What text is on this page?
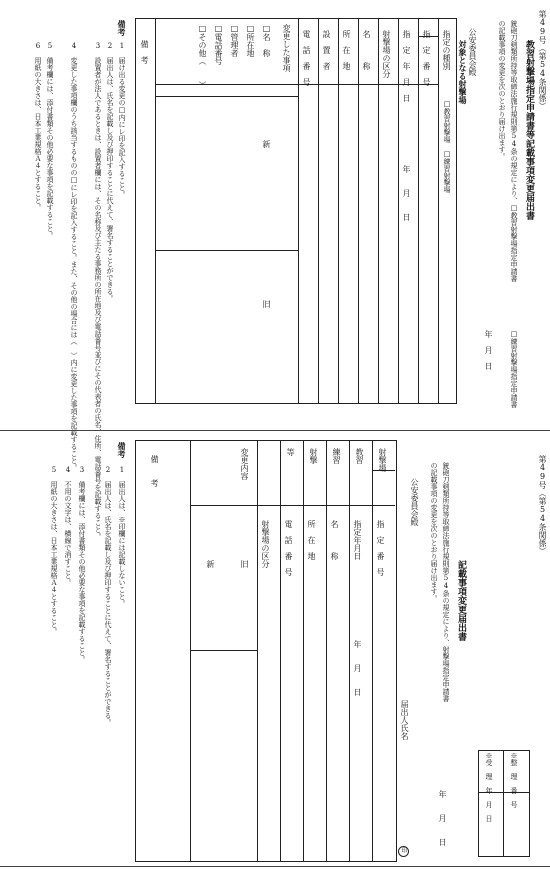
第49号（第54条関係）
教習射撃場指定申請書等記載事項変更届出書
銃砲刀剣類所持等取締法施行規則第54条の規定により、□教習射撃場指定申請書
の記載事項の変更を次のとおり届け出ます。
□練習射撃場指定申請書
年　月　日
公安委員会殿
指定の種別
□教習射撃場　□練習射撃場
指　定　番　号
指　定　年　月　日
年　　月　　日
射撃場の区分
名　　　称
所　在　地
設　置　者
電　話　番　号	対象となる射撃場
変更した事項
□名　称
□所在地
□管理者
□電話番号
□その他（　　）
新
旧
備　考
備考
1　届け出る変更の□内にレ印を記入すること。
2　届出人は、氏名を記載し及び押印することに代えて、署名することができる。
3　設置者が法人であるときは、設置者欄には、その名称及び主たる事務所の所在地及び電話番号並びにその代表者の氏名、住所、電話番号を記載すること。
4　変更した事項欄のうち該当するものの□にレ印を記入すること。また、その他の場合には（　）内に変更した事項を記載すること。
5　備考欄には、添付書類その他必要な事項を記載すること。
6　用紙の大きさは、日本工業規格Ａ４とすること。
第49号（第54条関係）
※整　理　番　号
※受　理　年　月　日
記載事項変更届出書
銃砲刀剣類所持等取締法施行規則第54条の規定により、射撃場指定申請書
の記載事項の変更を次のとおり届け出ます。
年　　月　　日
届出人氏名
印
公安委員会殿
指　定　番　号
指定年月日
年　　月　　日
名　　　称
所　在　地
電　話　番　号
射撃場の区分
射撃場
教習
練習
射撃
等
変更内容
新	旧
備　　考
備考
1　届出人は、※印欄には記載しないこと。
2　届出人は、氏名を記載し及び押印することに代えて、署名することができる。
3　備考欄には、添付書類その他必要な事項を記載すること。
4　不用の文字は、横線で消すこと。
5　用紙の大きさは、日本工業規格Ａ４とすること。
